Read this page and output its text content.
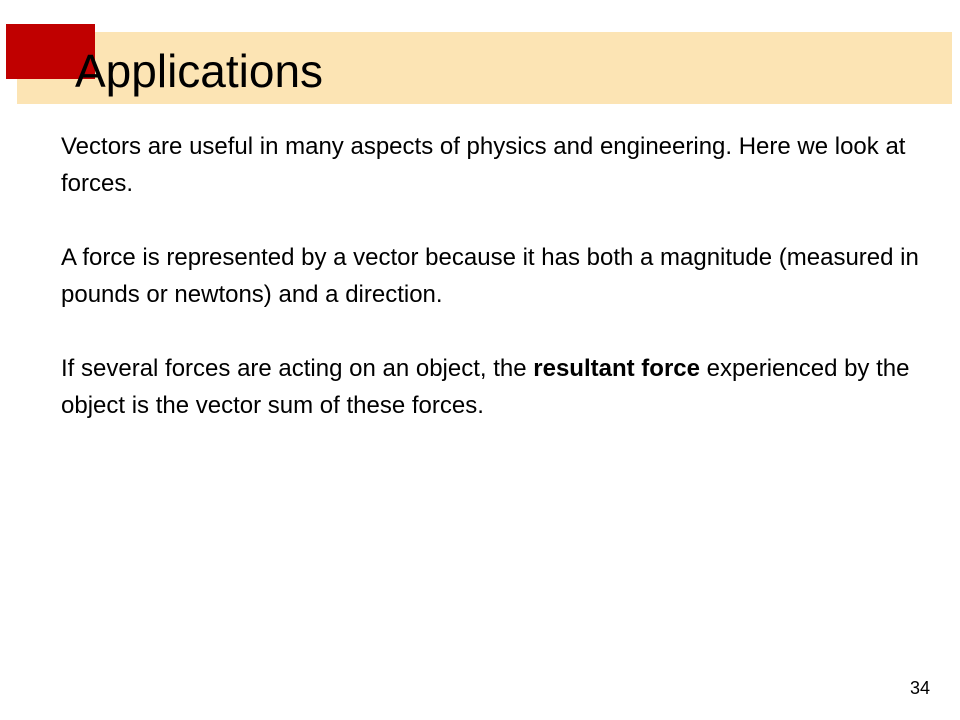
Applications

Vectors are useful in many aspects of physics and engineering. Here we look at forces.

A force is represented by a vector because it has both a magnitude (measured in pounds or newtons) and a direction.

If several forces are acting on an object, the resultant force experienced by the object is the vector sum of these forces.

34
